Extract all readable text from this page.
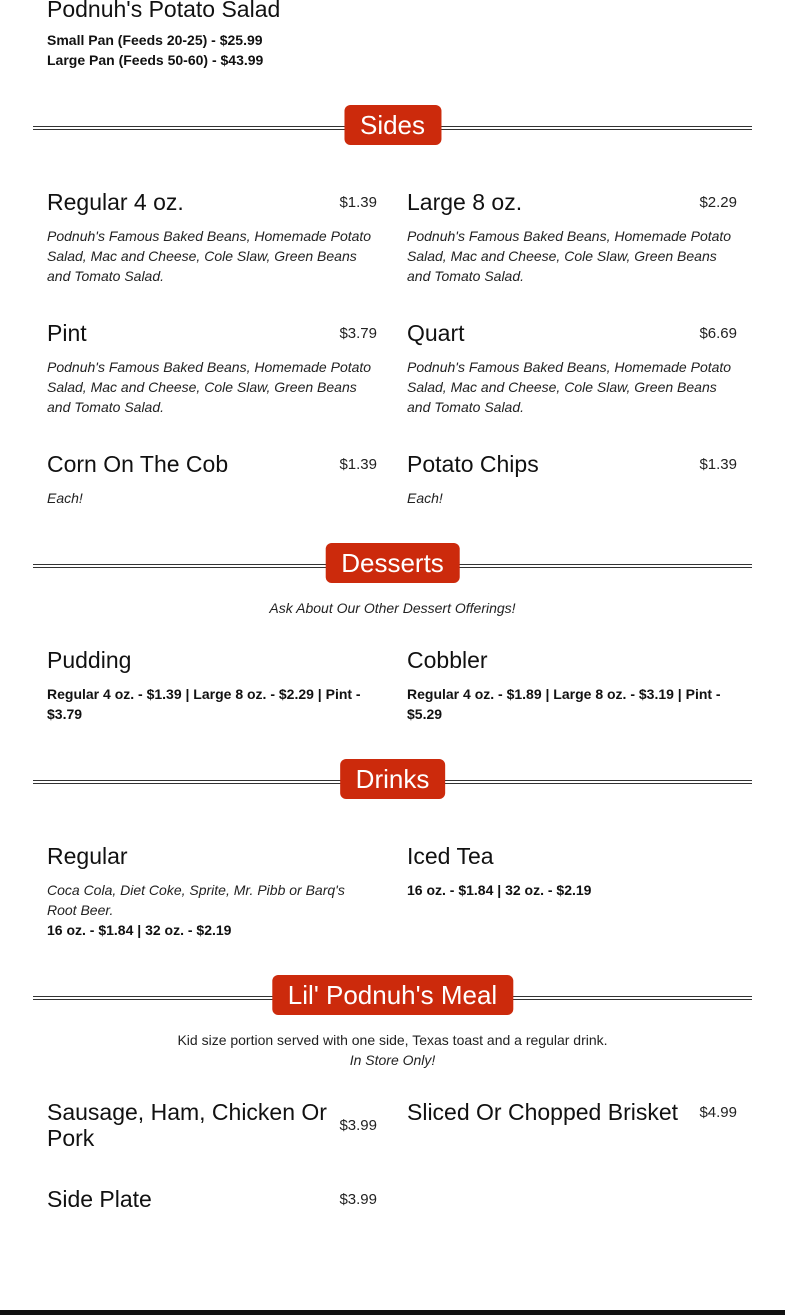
Podnuh's Potato Salad
Small Pan (Feeds 20-25) - $25.99
Large Pan (Feeds 50-60) - $43.99
Sides
Regular 4 oz.	$1.39
Podnuh's Famous Baked Beans, Homemade Potato Salad, Mac and Cheese, Cole Slaw, Green Beans and Tomato Salad.
Large 8 oz.	$2.29
Podnuh's Famous Baked Beans, Homemade Potato Salad, Mac and Cheese, Cole Slaw, Green Beans and Tomato Salad.
Pint	$3.79
Podnuh's Famous Baked Beans, Homemade Potato Salad, Mac and Cheese, Cole Slaw, Green Beans and Tomato Salad.
Quart	$6.69
Podnuh's Famous Baked Beans, Homemade Potato Salad, Mac and Cheese, Cole Slaw, Green Beans and Tomato Salad.
Corn On The Cob	$1.39
Each!
Potato Chips	$1.39
Each!
Desserts
Ask About Our Other Dessert Offerings!
Pudding
Regular 4 oz. - $1.39 | Large 8 oz. - $2.29 | Pint - $3.79
Cobbler
Regular 4 oz. - $1.89 | Large 8 oz. - $3.19 | Pint - $5.29
Drinks
Regular
Coca Cola, Diet Coke, Sprite, Mr. Pibb or Barq's Root Beer.
16 oz. - $1.84 | 32 oz. - $2.19
Iced Tea
16 oz. - $1.84 | 32 oz. - $2.19
Lil' Podnuh's Meal
Kid size portion served with one side, Texas toast and a regular drink.
In Store Only!
Sausage, Ham, Chicken Or Pork	$3.99
Sliced Or Chopped Brisket	$4.99
Side Plate	$3.99
